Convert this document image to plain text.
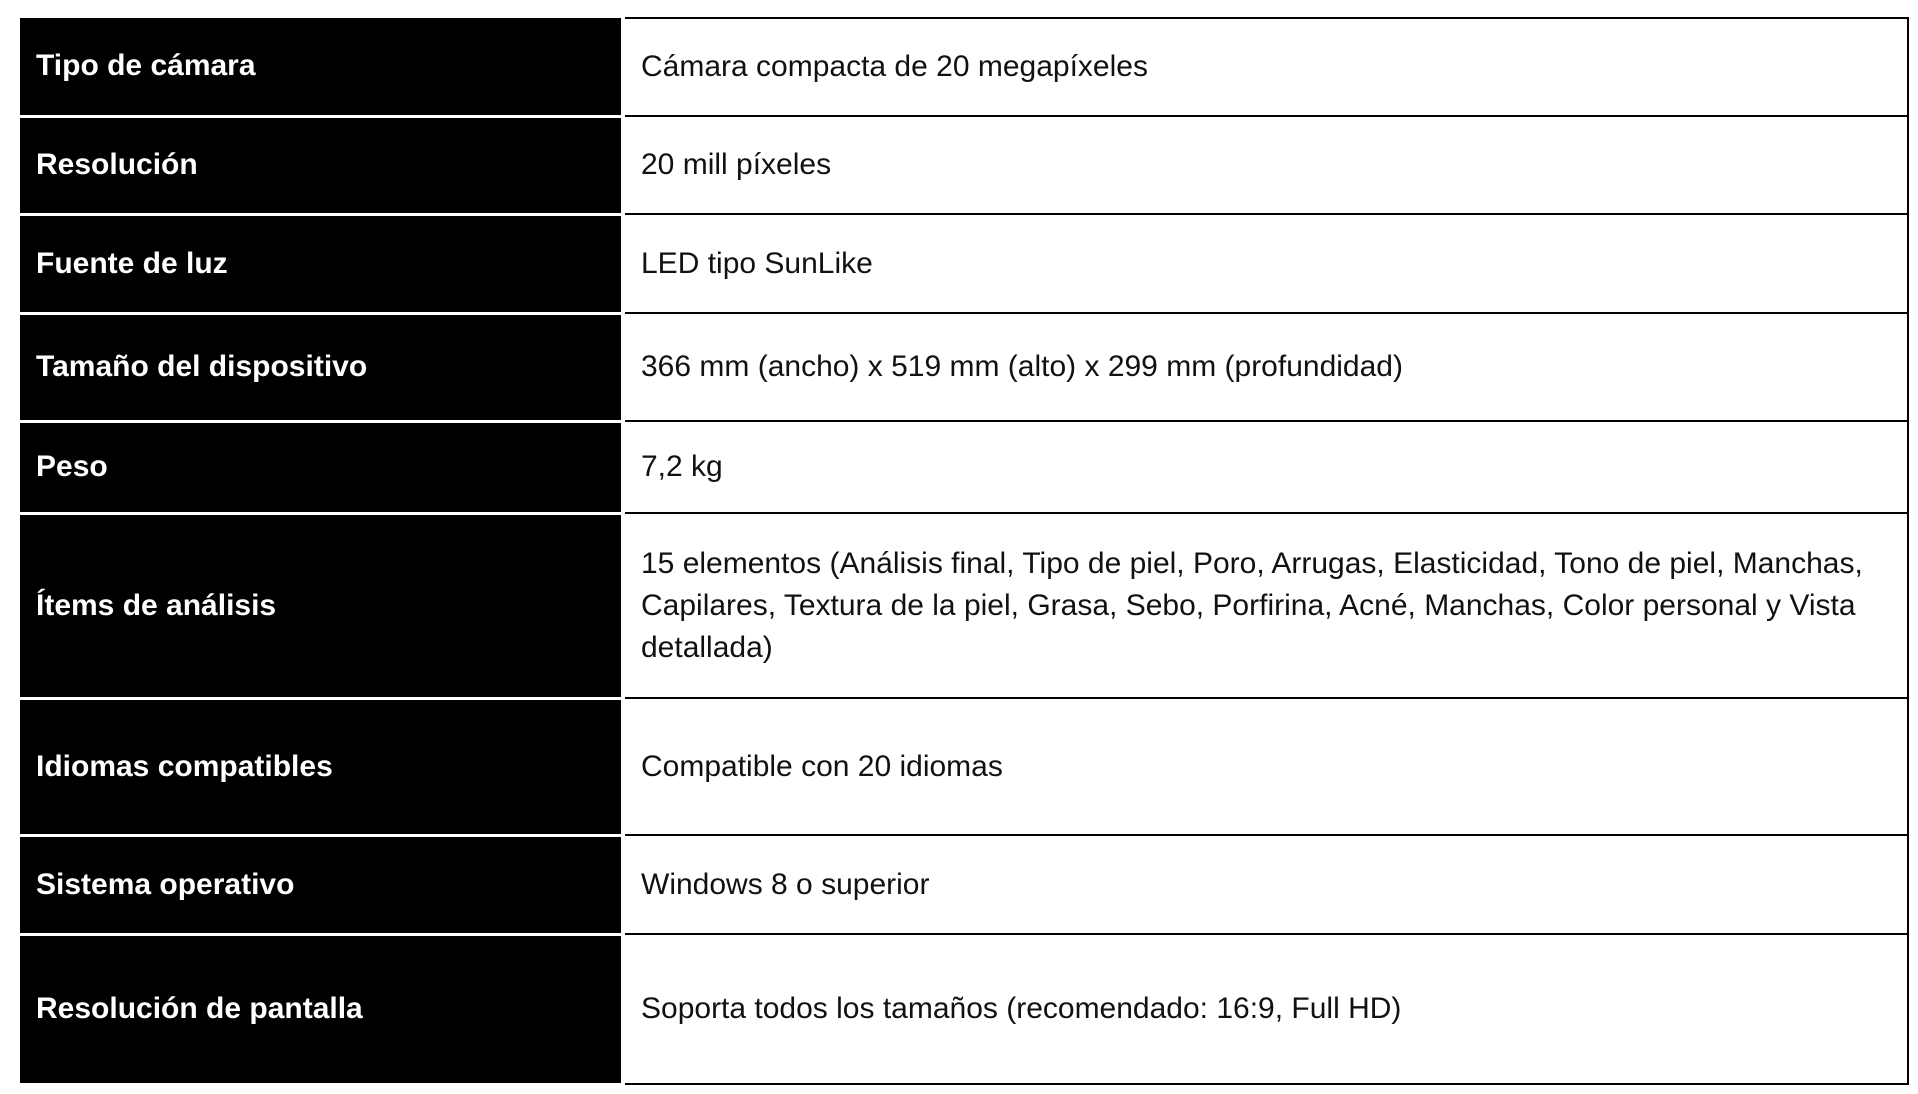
Tipo de cámara	Cámara compacta de 20 megapíxeles

Resolución	20 mill píxeles

Fuente de luz	LED tipo SunLike

Tamaño del dispositivo	366 mm (ancho) x 519 mm (alto) x 299 mm (profundidad)

Peso	7,2 kg

Ítems de análisis	15 elementos (Análisis final, Tipo de piel, Poro, Arrugas, Elasticidad, Tono de piel, Manchas, Capilares, Textura de la piel, Grasa, Sebo, Porfirina, Acné, Manchas, Color personal y Vista detallada)

Idiomas compatibles	Compatible con 20 idiomas

Sistema operativo	Windows 8 o superior

Resolución de pantalla	Soporta todos los tamaños (recomendado: 16:9, Full HD)
